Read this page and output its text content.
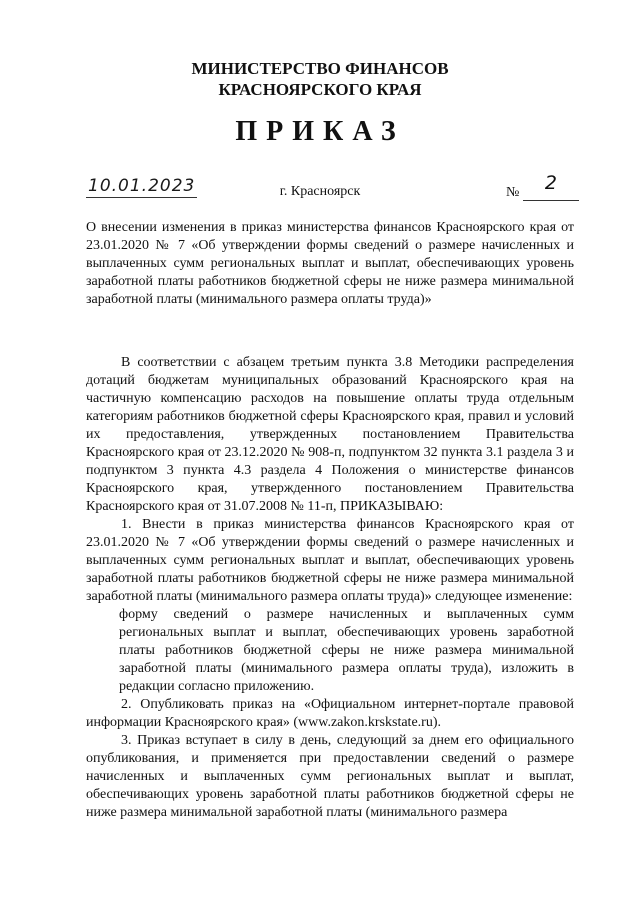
МИНИСТЕРСТВО ФИНАНСОВ
КРАСНОЯРСКОГО КРАЯ
ПРИКАЗ
10.01.2023	г. Красноярск	№ 2
О внесении изменения в приказ министерства финансов Красноярского края от 23.01.2020 № 7 «Об утверждении формы сведений о размере начисленных и выплаченных сумм региональных выплат и выплат, обеспечивающих уровень заработной платы работников бюджетной сферы не ниже размера минимальной заработной платы (минимального размера оплаты труда)»

В соответствии с абзацем третьим пункта 3.8 Методики распределения дотаций бюджетам муниципальных образований Красноярского края на частичную компенсацию расходов на повышение оплаты труда отдельным категориям работников бюджетной сферы Красноярского края, правил и условий их предоставления, утвержденных постановлением Правительства Красноярского края от 23.12.2020 № 908-п, подпунктом 32 пункта 3.1 раздела 3 и подпунктом 3 пункта 4.3 раздела 4 Положения о министерстве финансов Красноярского края, утвержденного постановлением Правительства Красноярского края от 31.07.2008 № 11-п, ПРИКАЗЫВАЮ:

1. Внести в приказ министерства финансов Красноярского края от 23.01.2020 № 7 «Об утверждении формы сведений о размере начисленных и выплаченных сумм региональных выплат и выплат, обеспечивающих уровень заработной платы работников бюджетной сферы не ниже размера минимальной заработной платы (минимального размера оплаты труда)» следующее изменение:

форму сведений о размере начисленных и выплаченных сумм региональных выплат и выплат, обеспечивающих уровень заработной платы работников бюджетной сферы не ниже размера минимальной заработной платы (минимального размера оплаты труда), изложить в редакции согласно приложению.

2. Опубликовать приказ на «Официальном интернет-портале правовой информации Красноярского края» (www.zakon.krskstate.ru).

3. Приказ вступает в силу в день, следующий за днем его официального опубликования, и применяется при предоставлении сведений о размере начисленных и выплаченных сумм региональных выплат и выплат, обеспечивающих уровень заработной платы работников бюджетной сферы не ниже размера минимальной заработной платы (минимального размера
